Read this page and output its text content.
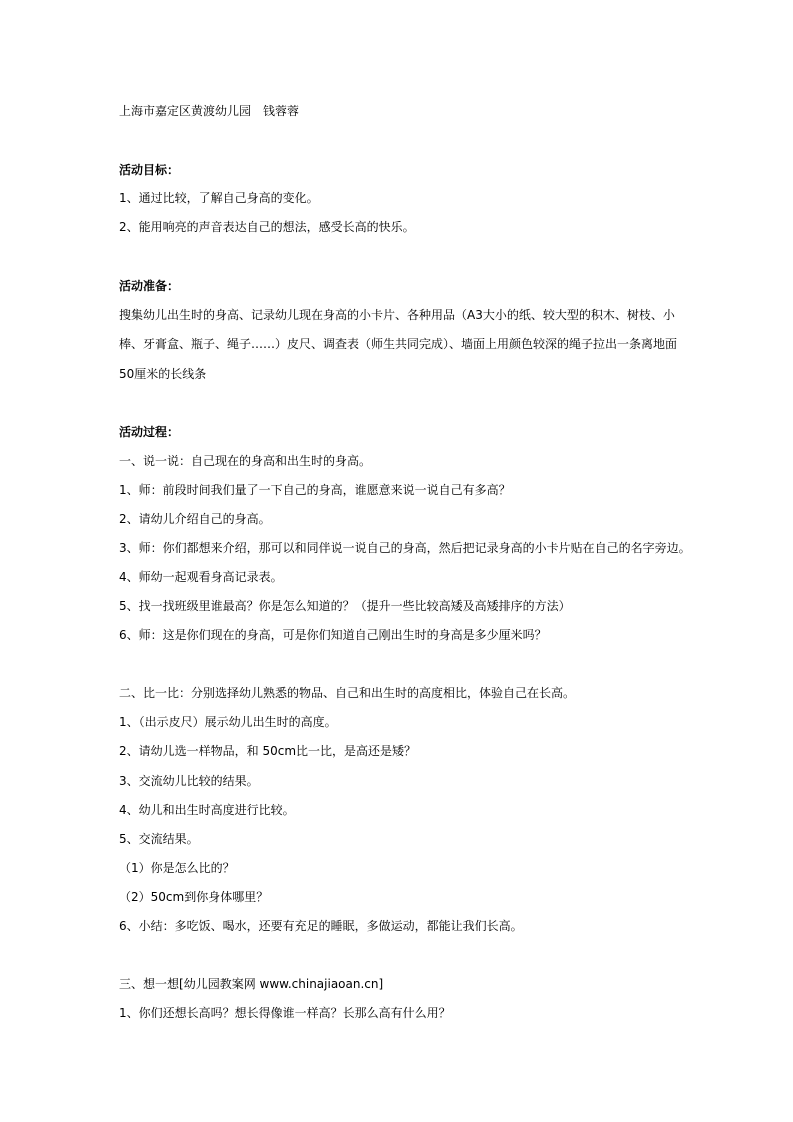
上海市嘉定区黄渡幼儿园　钱蓉蓉
活动目标：
1、通过比较，了解自己身高的变化。
2、能用响亮的声音表达自己的想法，感受长高的快乐。
活动准备：
搜集幼儿出生时的身高、记录幼儿现在身高的小卡片、各种用品（A3大小的纸、较大型的积木、树枝、小
棒、牙膏盒、瓶子、绳子……）皮尺、调查表（师生共同完成）、墙面上用颜色较深的绳子拉出一条离地面
50厘米的长线条
活动过程：
一、说一说：自己现在的身高和出生时的身高。
1、师：前段时间我们量了一下自己的身高，谁愿意来说一说自己有多高？
2、请幼儿介绍自己的身高。
3、师：你们都想来介绍，那可以和同伴说一说自己的身高，然后把记录身高的小卡片贴在自己的名字旁边。
4、师幼一起观看身高记录表。
5、找一找班级里谁最高？你是怎么知道的？（提升一些比较高矮及高矮排序的方法）
6、师：这是你们现在的身高，可是你们知道自己刚出生时的身高是多少厘米吗？
二、比一比：分别选择幼儿熟悉的物品、自己和出生时的高度相比，体验自己在长高。
1、（出示皮尺）展示幼儿出生时的高度。
2、请幼儿选一样物品，和 50cm比一比，是高还是矮？
3、交流幼儿比较的结果。
4、幼儿和出生时高度进行比较。
5、交流结果。
（1）你是怎么比的？
（2）50cm到你身体哪里？
6、小结：多吃饭、喝水，还要有充足的睡眠，多做运动，都能让我们长高。
三、想一想[幼儿园教案网 www.chinajiaoan.cn]
1、你们还想长高吗？想长得像谁一样高？长那么高有什么用？
